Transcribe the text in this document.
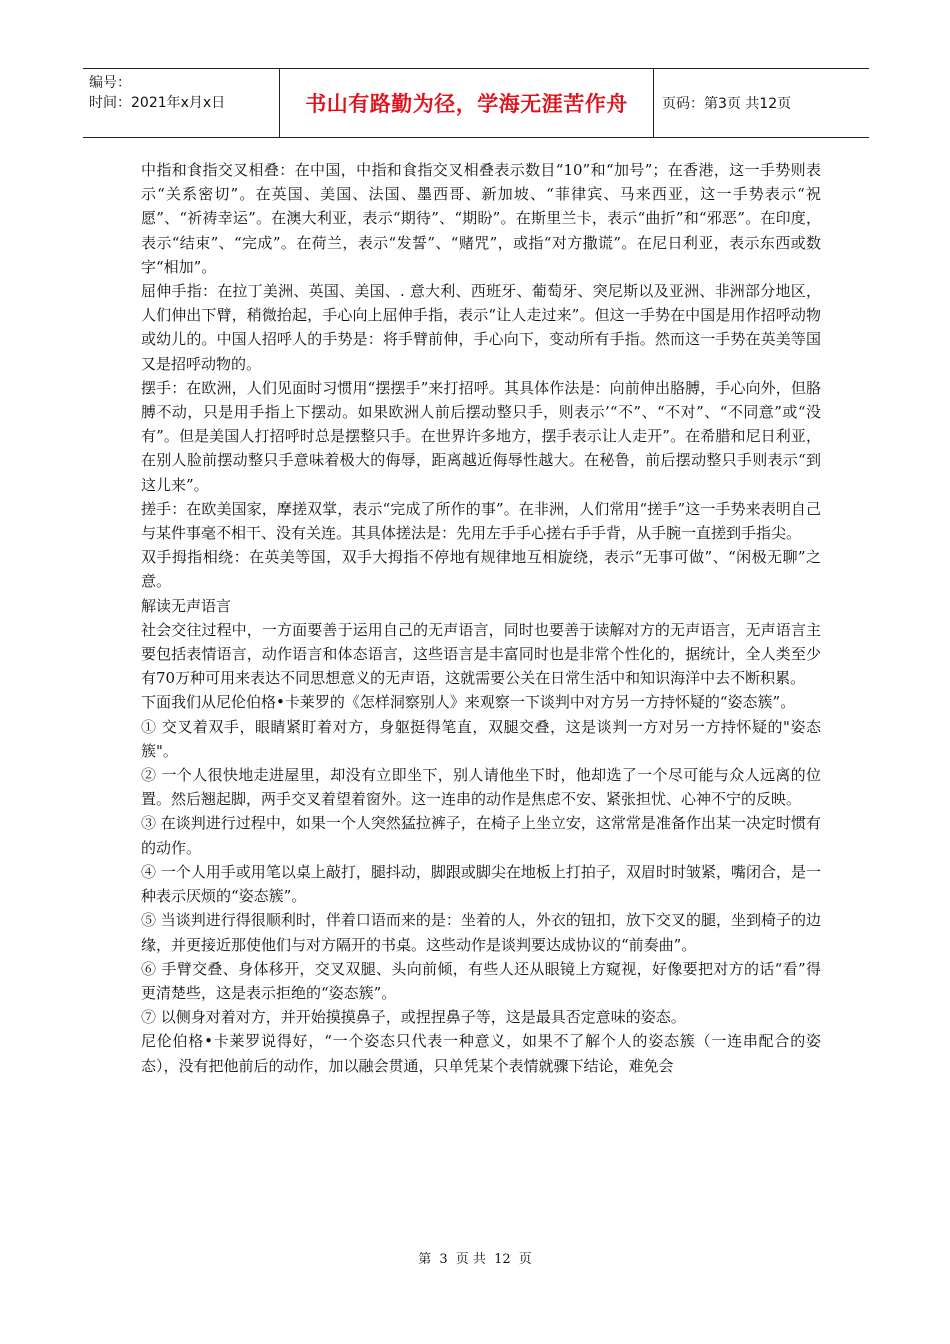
编号：
时间：2021年x月x日	书山有路勤为径，学海无涯苦作舟 页码：第3页 共12页

中指和食指交叉相叠：在中国，中指和食指交叉相叠表示数目“10”和“加号”；在香港，这一手势则表示“关系密切”。在英国、美国、法国、墨西哥、新加坡、“菲律宾、马来西亚，这一手势表示“祝愿”、“祈祷幸运”。在澳大利亚，表示“期待”、“期盼”。在斯里兰卡，表示“曲折”和“邪恶”。在印度，表示“结束”、“完成”。在荷兰，表示“发誓”、“赌咒”，或指“对方撒谎”。在尼日利亚，表示东西或数字“相加”。

屈伸手指：在拉丁美洲、英国、美国、. 意大利、西班牙、葡萄牙、突尼斯以及亚洲、非洲部分地区，人们伸出下臂，稍微抬起，手心向上屈伸手指，表示“让人走过来”。但这一手势在中国是用作招呼动物或幼儿的。中国人招呼人的手势是：将手臂前伸，手心向下，变动所有手指。然而这一手势在英美等国又是招呼动物的。

摆手：在欧洲，人们见面时习惯用“摆摆手”来打招呼。其具体作法是：向前伸出胳膊，手心向外，但胳膊不动，只是用手指上下摆动。如果欧洲人前后摆动整只手，则表示’“不”、“不对”、“不同意”或“没有”。但是美国人打招呼时总是摆整只手。在世界许多地方，摆手表示让人走开”。在希腊和尼日利亚，在别人脸前摆动整只手意味着极大的侮辱，距离越近侮辱性越大。在秘鲁，前后摆动整只手则表示“到这儿来”。

搓手：在欧美国家，摩搓双掌，表示“完成了所作的事”。在非洲，人们常用“搓手”这一手势来表明自己与某件事毫不相干、没有关连。其具体搓法是：先用左手手心搓右手手背，从手腕一直搓到手指尖。

双手拇指相绕：在英美等国，双手大拇指不停地有规律地互相旋绕，表示“无事可做”、“闲极无聊”之意。

解读无声语言

社会交往过程中，一方面要善于运用自己的无声语言，同时也要善于读解对方的无声语言，无声语言主要包括表情语言，动作语言和体态语言，这些语言是丰富同时也是非常个性化的，据统计，全人类至少有70万种可用来表达不同思想意义的无声语，这就需要公关在日常生活中和知识海洋中去不断积累。

下面我们从尼伦伯格•卡莱罗的《怎样洞察别人》来观察一下谈判中对方另一方持怀疑的“姿态簇”。

① 交叉着双手，眼睛紧盯着对方，身躯挺得笔直，双腿交叠，这是谈判一方对另一方持怀疑的"姿态簇"。

② 一个人很快地走进屋里，却没有立即坐下，别人请他坐下时，他却选了一个尽可能与众人远离的位置。然后翘起脚，两手交叉着望着窗外。这一连串的动作是焦虑不安、紧张担忧、心神不宁的反映。

③ 在谈判进行过程中，如果一个人突然猛拉裤子，在椅子上坐立安，这常常是准备作出某一决定时惯有的动作。

④ 一个人用手或用笔以桌上敲打，腿抖动，脚跟或脚尖在地板上打拍子，双眉时时皱紧，嘴闭合，是一种表示厌烦的“姿态簇”。

⑤ 当谈判进行得很顺利时，伴着口语而来的是：坐着的人，外衣的钮扣，放下交叉的腿，坐到椅子的边缘，并更接近那使他们与对方隔开的书桌。这些动作是谈判要达成协议的“前奏曲”。

⑥ 手臂交叠、身体移开，交叉双腿、头向前倾，有些人还从眼镜上方窥视，好像要把对方的话“看”得更清楚些，这是表示拒绝的“姿态簇”。

⑦ 以侧身对着对方，并开始摸摸鼻子，或捏捏鼻子等，这是最具否定意味的姿态。

尼伦伯格•卡莱罗说得好，“一个姿态只代表一种意义，如果不了解个人的姿态簇（一连串配合的姿态），没有把他前后的动作，加以融会贯通，只单凭某个表情就骤下结论，难免会

第 3 页 共 12 页
